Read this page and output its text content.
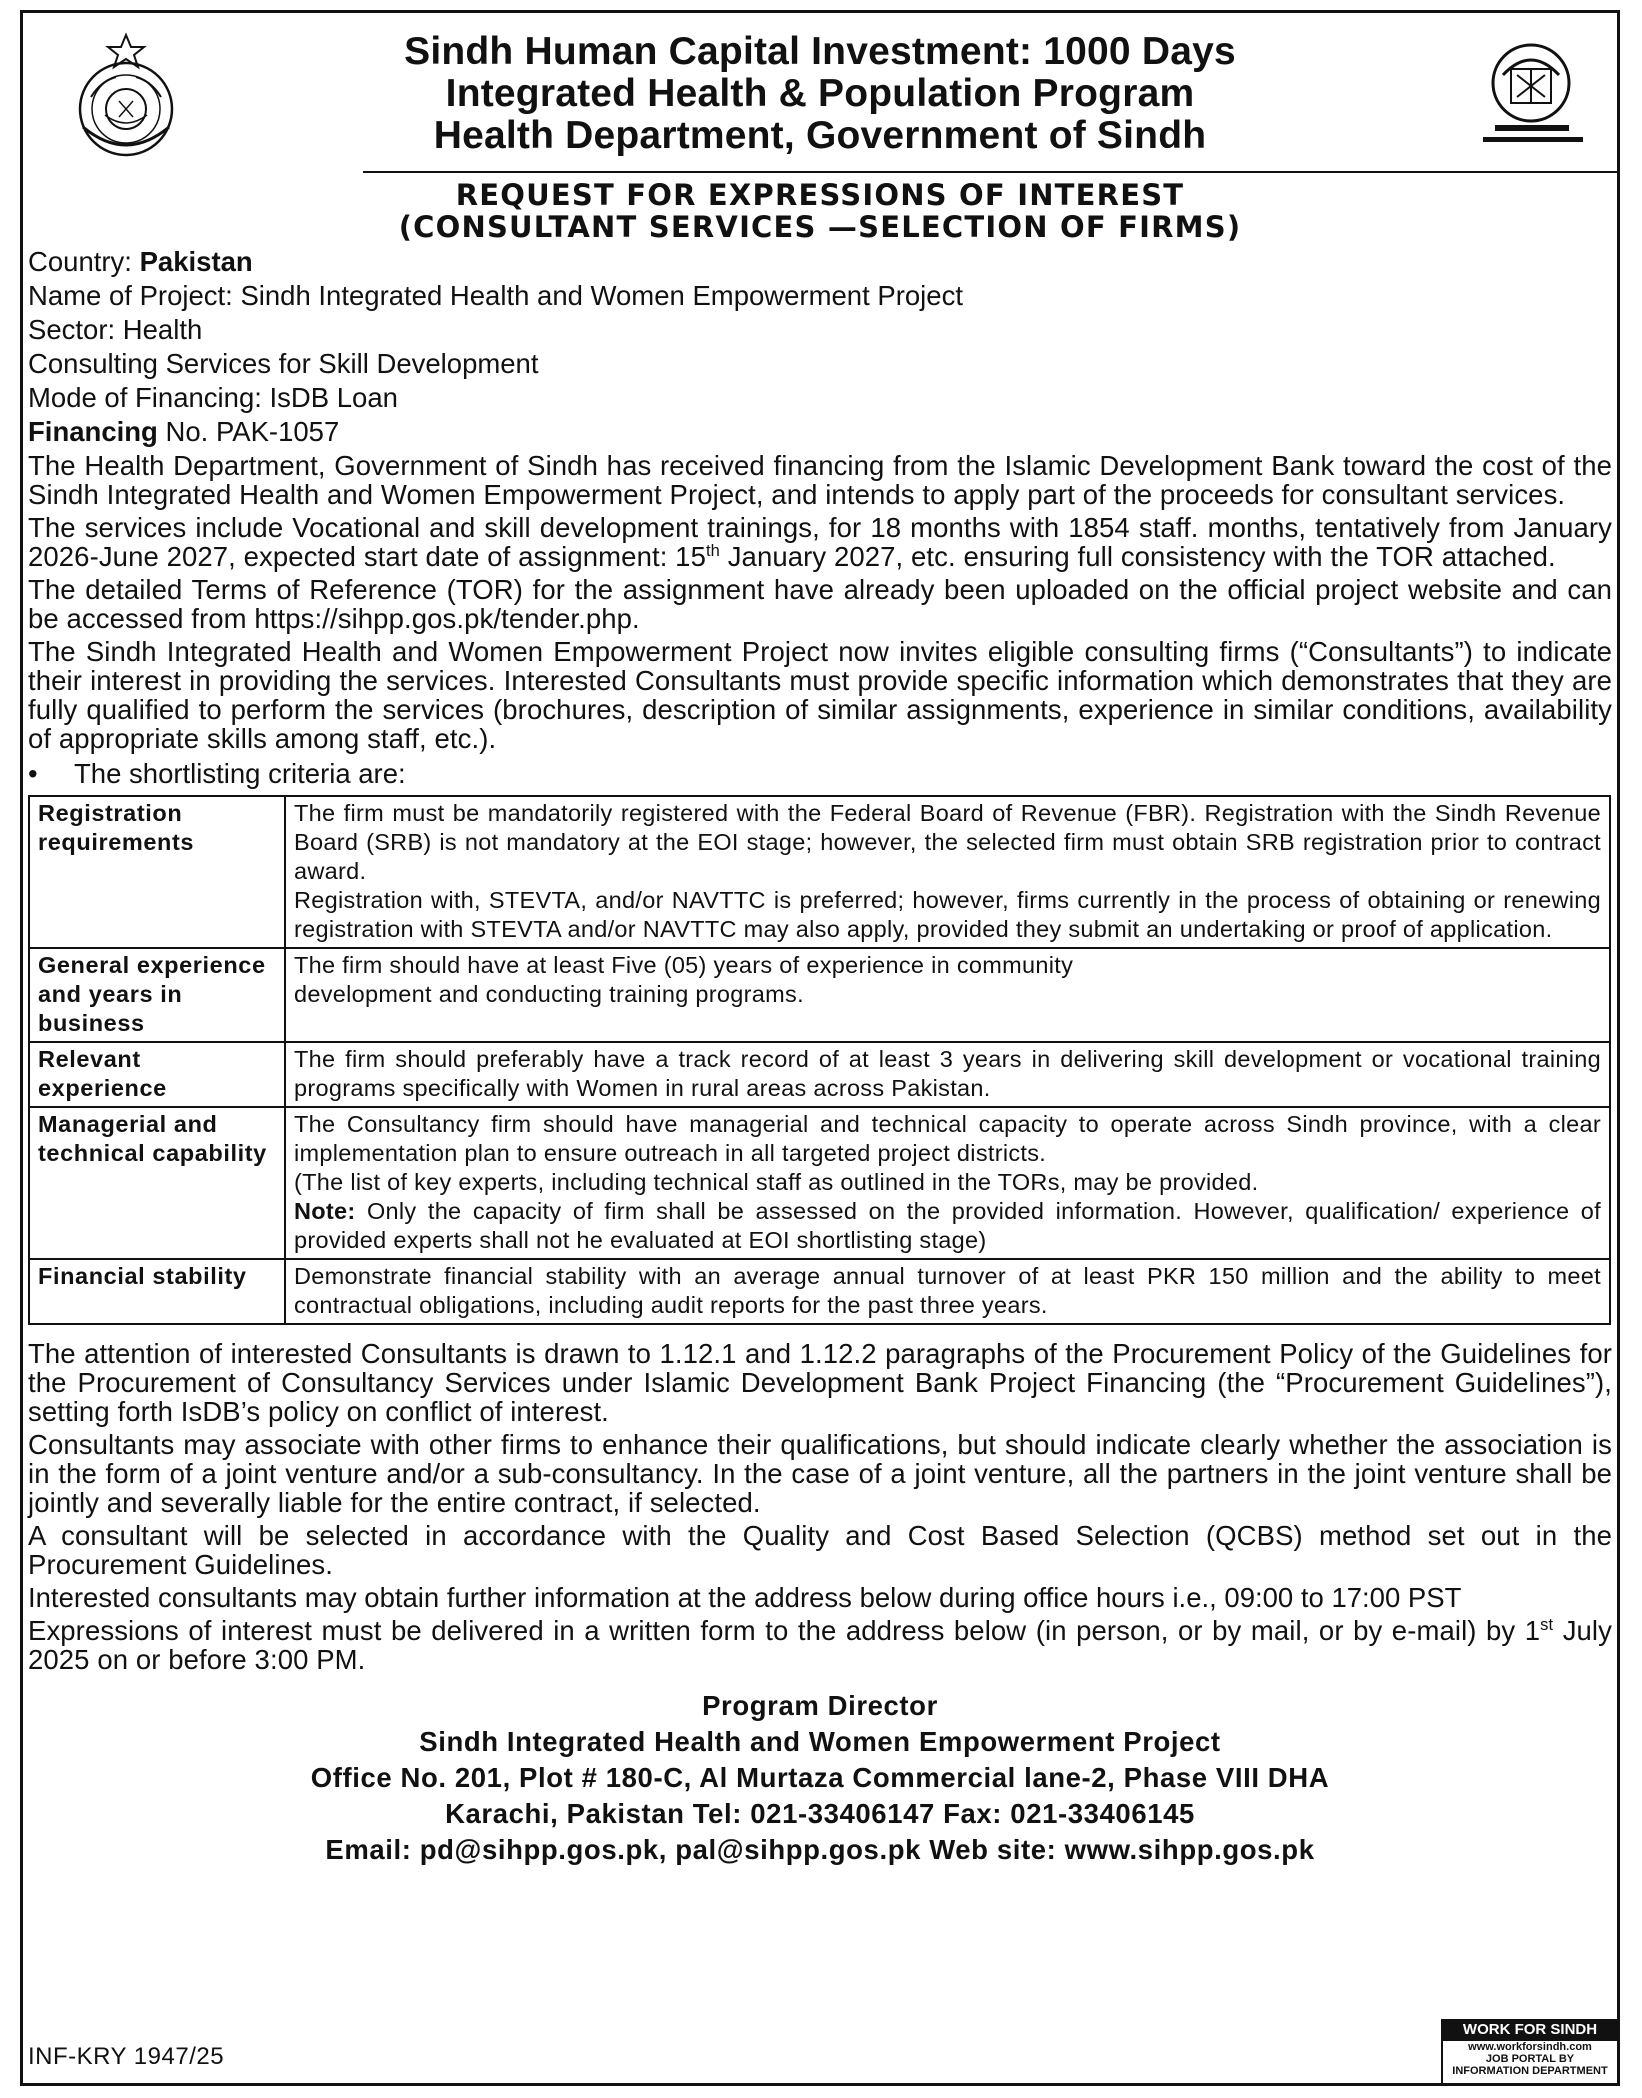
Sindh Human Capital Investment: 1000 Days
Integrated Health & Population Program
Health Department, Government of Sindh
REQUEST FOR EXPRESSIONS OF INTEREST
(CONSULTANT SERVICES —SELECTION OF FIRMS)
Country: Pakistan
Name of Project: Sindh Integrated Health and Women Empowerment Project
Sector: Health
Consulting Services for Skill Development
Mode of Financing: IsDB Loan
Financing No. PAK-1057
The Health Department, Government of Sindh has received financing from the Islamic Development Bank toward the cost of the Sindh Integrated Health and Women Empowerment Project, and intends to apply part of the proceeds for consultant services.
The services include Vocational and skill development trainings, for 18 months with 1854 staff. months, tentatively from January 2026-June 2027, expected start date of assignment: 15th January 2027, etc. ensuring full consistency with the TOR attached.
The detailed Terms of Reference (TOR) for the assignment have already been uploaded on the official project website and can be accessed from https://sihpp.gos.pk/tender.php.
The Sindh Integrated Health and Women Empowerment Project now invites eligible consulting firms (“Consultants”) to indicate their interest in providing the services. Interested Consultants must provide specific information which demonstrates that they are fully qualified to perform the services (brochures, description of similar assignments, experience in similar conditions, availability of appropriate skills among staff, etc.).
• The shortlisting criteria are:
Registration requirements	The firm must be mandatorily registered with the Federal Board of Revenue (FBR). Registration with the Sindh Revenue Board (SRB) is not mandatory at the EOI stage; however, the selected firm must obtain SRB registration prior to contract award.
Registration with, STEVTA, and/or NAVTTC is preferred; however, firms currently in the process of obtaining or renewing registration with STEVTA and/or NAVTTC may also apply, provided they submit an undertaking or proof of application.

General experience and years in business	The firm should have at least Five (05) years of experience in community development and conducting training programs.

Relevant experience	The firm should preferably have a track record of at least 3 years in delivering skill development or vocational training programs specifically with Women in rural areas across Pakistan.
Managerial and technical capability	The Consultancy firm should have managerial and technical capacity to operate across Sindh province, with a clear implementation plan to ensure outreach in all targeted project districts.
(The list of key experts, including technical staff as outlined in the TORs, may be provided.
Note: Only the capacity of firm shall be assessed on the provided information. However, qualification/ experience of provided experts shall not he evaluated at EOI shortlisting stage)

Financial stability	Demonstrate financial stability with an average annual turnover of at least PKR 150 million and the ability to meet contractual obligations, including audit reports for the past three years.
The attention of interested Consultants is drawn to 1.12.1 and 1.12.2 paragraphs of the Procurement Policy of the Guidelines for the Procurement of Consultancy Services under Islamic Development Bank Project Financing (the “Procurement Guidelines”), setting forth IsDB’s policy on conflict of interest.
Consultants may associate with other firms to enhance their qualifications, but should indicate clearly whether the association is in the form of a joint venture and/or a sub-consultancy. In the case of a joint venture, all the partners in the joint venture shall be jointly and severally liable for the entire contract, if selected.
A consultant will be selected in accordance with the Quality and Cost Based Selection (QCBS) method set out in the Procurement Guidelines.
Interested consultants may obtain further information at the address below during office hours i.e., 09:00 to 17:00 PST
Expressions of interest must be delivered in a written form to the address below (in person, or by mail, or by e-mail) by 1st July 2025 on or before 3:00 PM.
Program Director
Sindh Integrated Health and Women Empowerment Project
Office No. 201, Plot # 180-C, Al Murtaza Commercial lane-2, Phase VIII DHA
Karachi, Pakistan Tel: 021-33406147 Fax: 021-33406145
Email: pd@sihpp.gos.pk, pal@sihpp.gos.pk Web site: www.sihpp.gos.pk
INF-KRY 1947/25
WORK FOR SINDH
www.workforsindh.com
JOB PORTAL BY
INFORMATION DEPARTMENT
